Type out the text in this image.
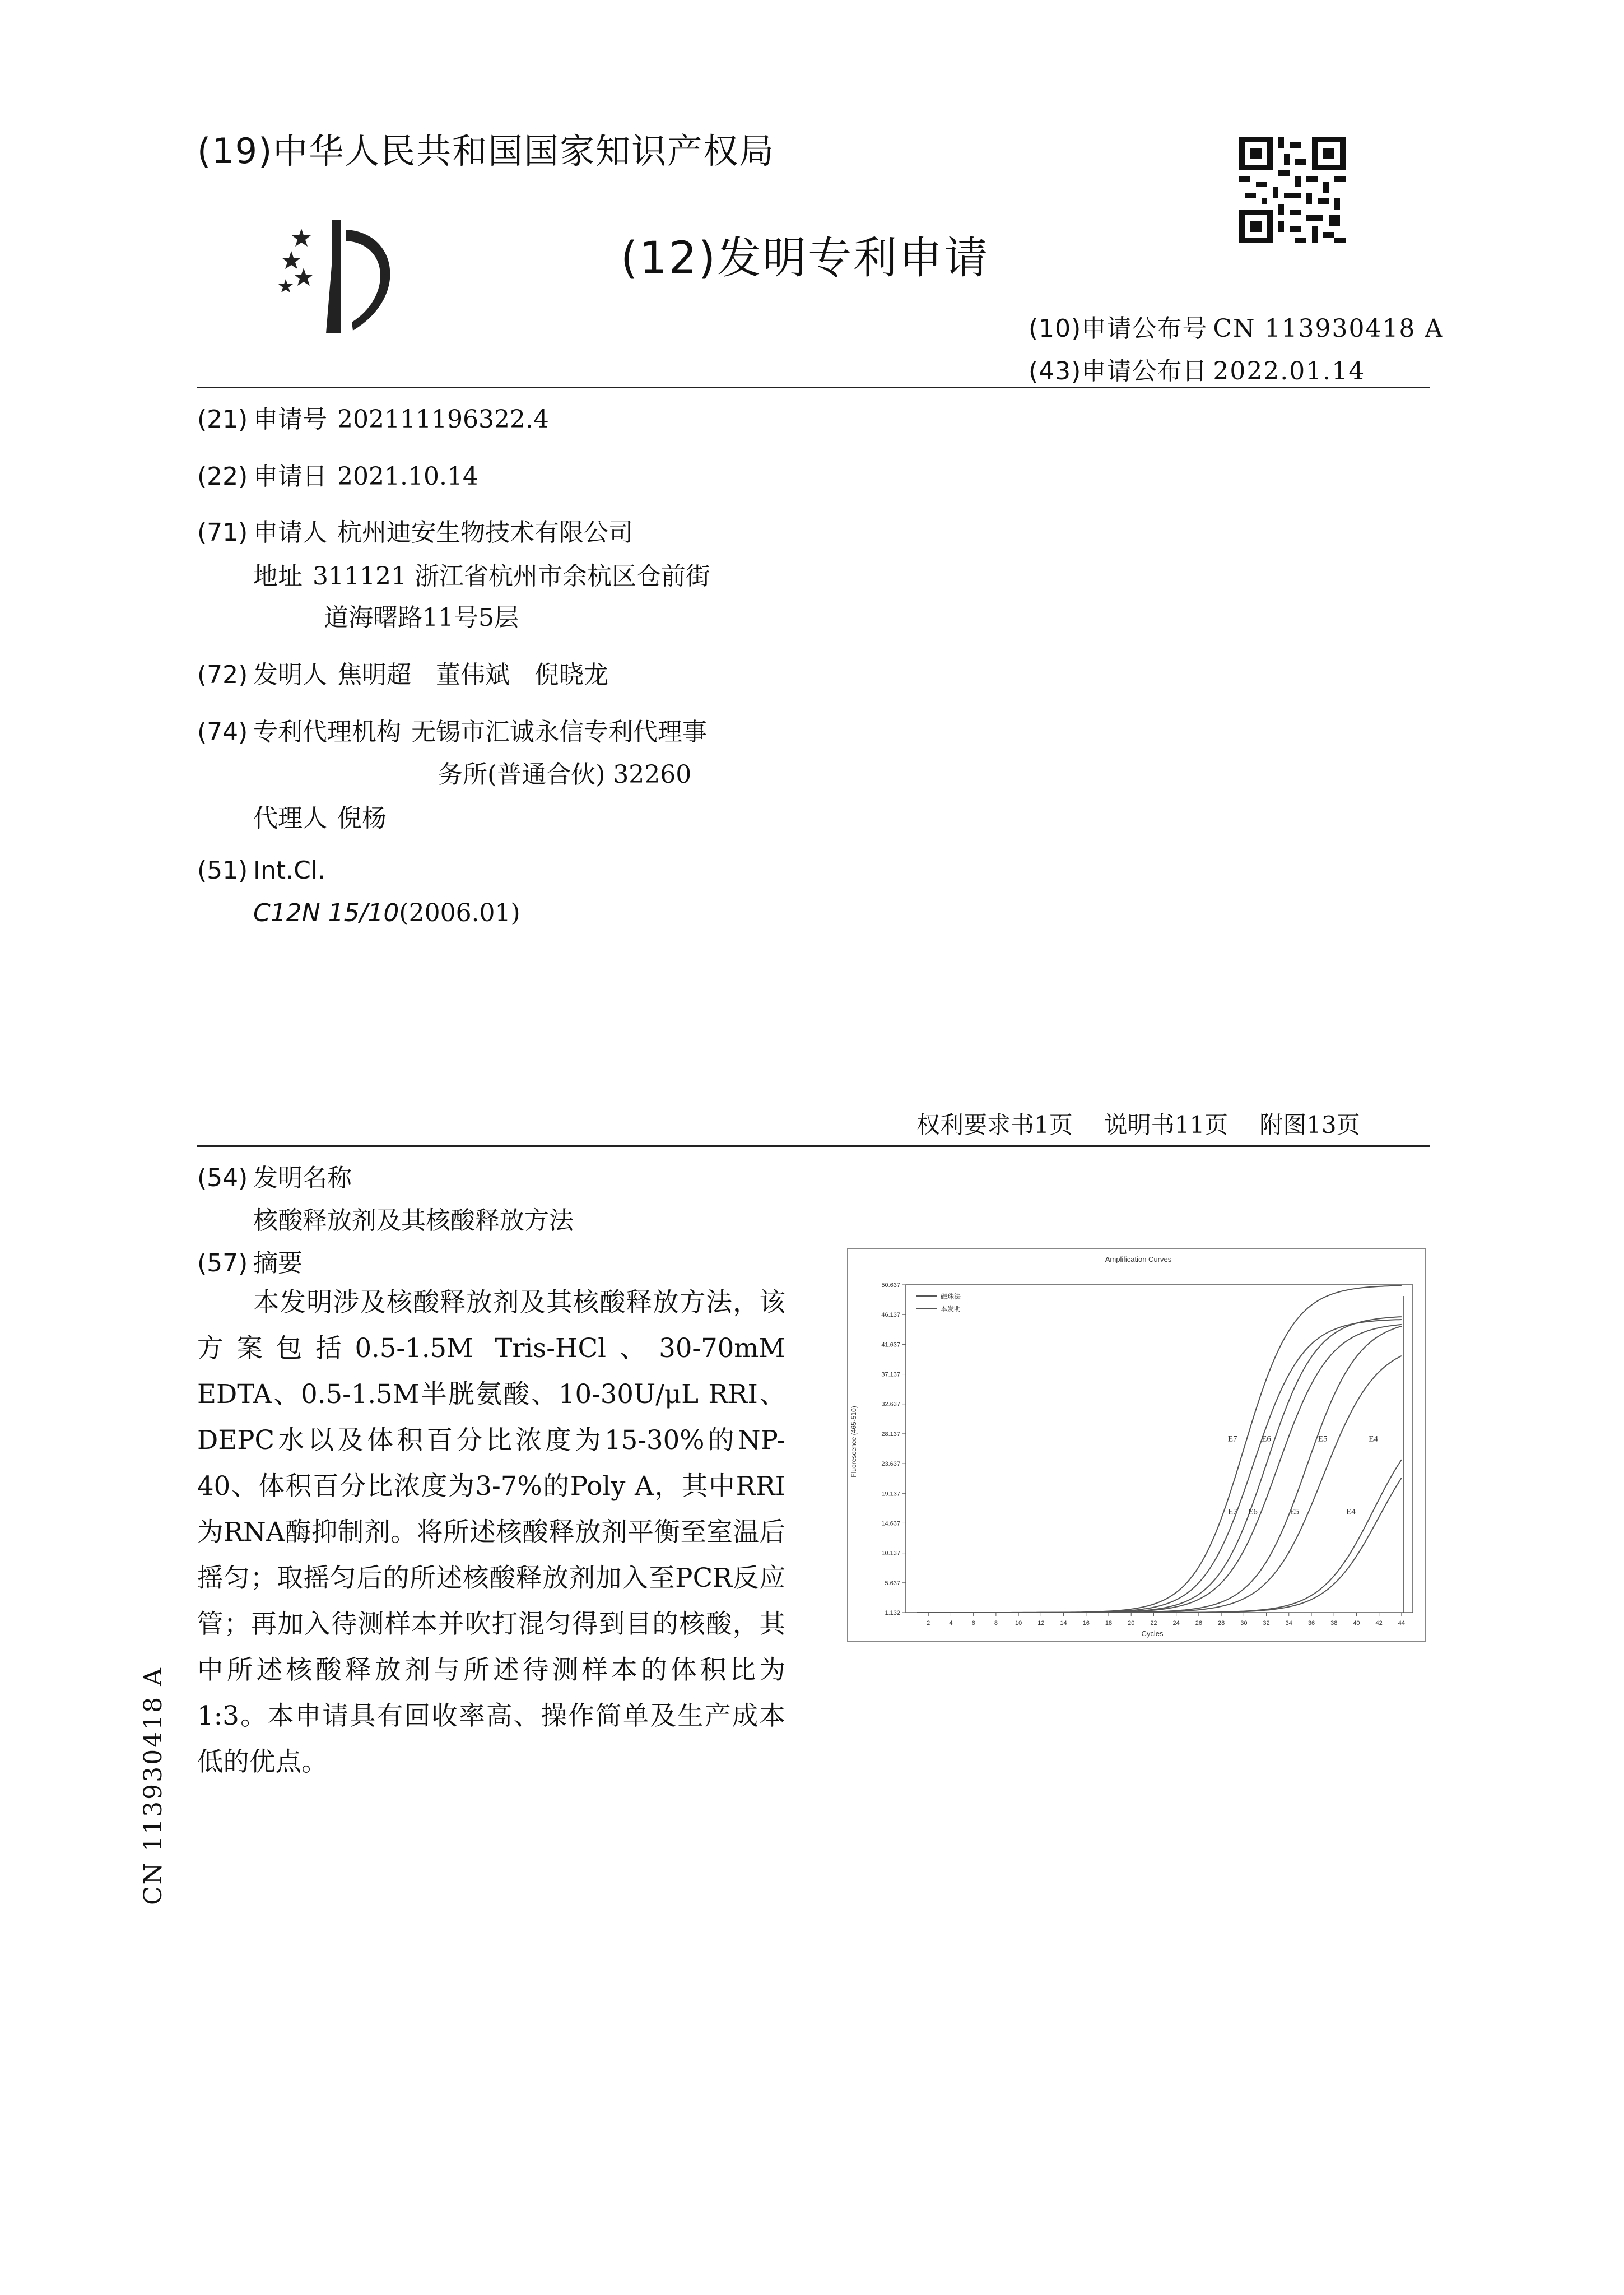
(19)中华人民共和国国家知识产权局
(12)发明专利申请
(10)申请公布号 CN 113930418 A
(43)申请公布日 2022.01.14
(21) 申请号 202111196322.4
(22) 申请日 2021.10.14
(71) 申请人 杭州迪安生物技术有限公司
地址 311121 浙江省杭州市余杭区仓前街
道海曙路11号5层
(72) 发明人 焦明超　董伟斌　倪晓龙
(74) 专利代理机构 无锡市汇诚永信专利代理事
务所(普通合伙) 32260
代理人 倪杨
(51) Int.Cl.
C12N 15/10(2006.01)
权利要求书1页 说明书11页 附图13页
(54) 发明名称
核酸释放剂及其核酸释放方法
(57) 摘要
本发明涉及核酸释放剂及其核酸释放方法，该方案包括0.5-1.5M Tris-HCl、30-70mM EDTA、0.5-1.5M半胱氨酸、10-30U/μL RRI、DEPC水以及体积百分比浓度为15-30%的NP-40、体积百分比浓度为3-7%的Poly A，其中RRI为RNA酶抑制剂。将所述核酸释放剂平衡至室温后摇匀；取摇匀后的所述核酸释放剂加入至PCR反应管；再加入待测样本并吹打混匀得到目的核酸，其中所述核酸释放剂与所述待测样本的体积比为1:3。本申请具有回收率高、操作简单及生产成本低的优点。
Amplification Curves
Cycles
Fluorescence (465-510)
2	4	6	8	10	12	14	16	18	20	22	24	26	28	30	32	34	36	38	40	42	44
1.132
5.637
10.137
14.637
19.137
23.637
28.137
32.637
37.137
41.637
46.137
50.637
E7	E6	E5	E4
E7 E6	E5	E4
磁珠法
本发明
CN 113930418 A
